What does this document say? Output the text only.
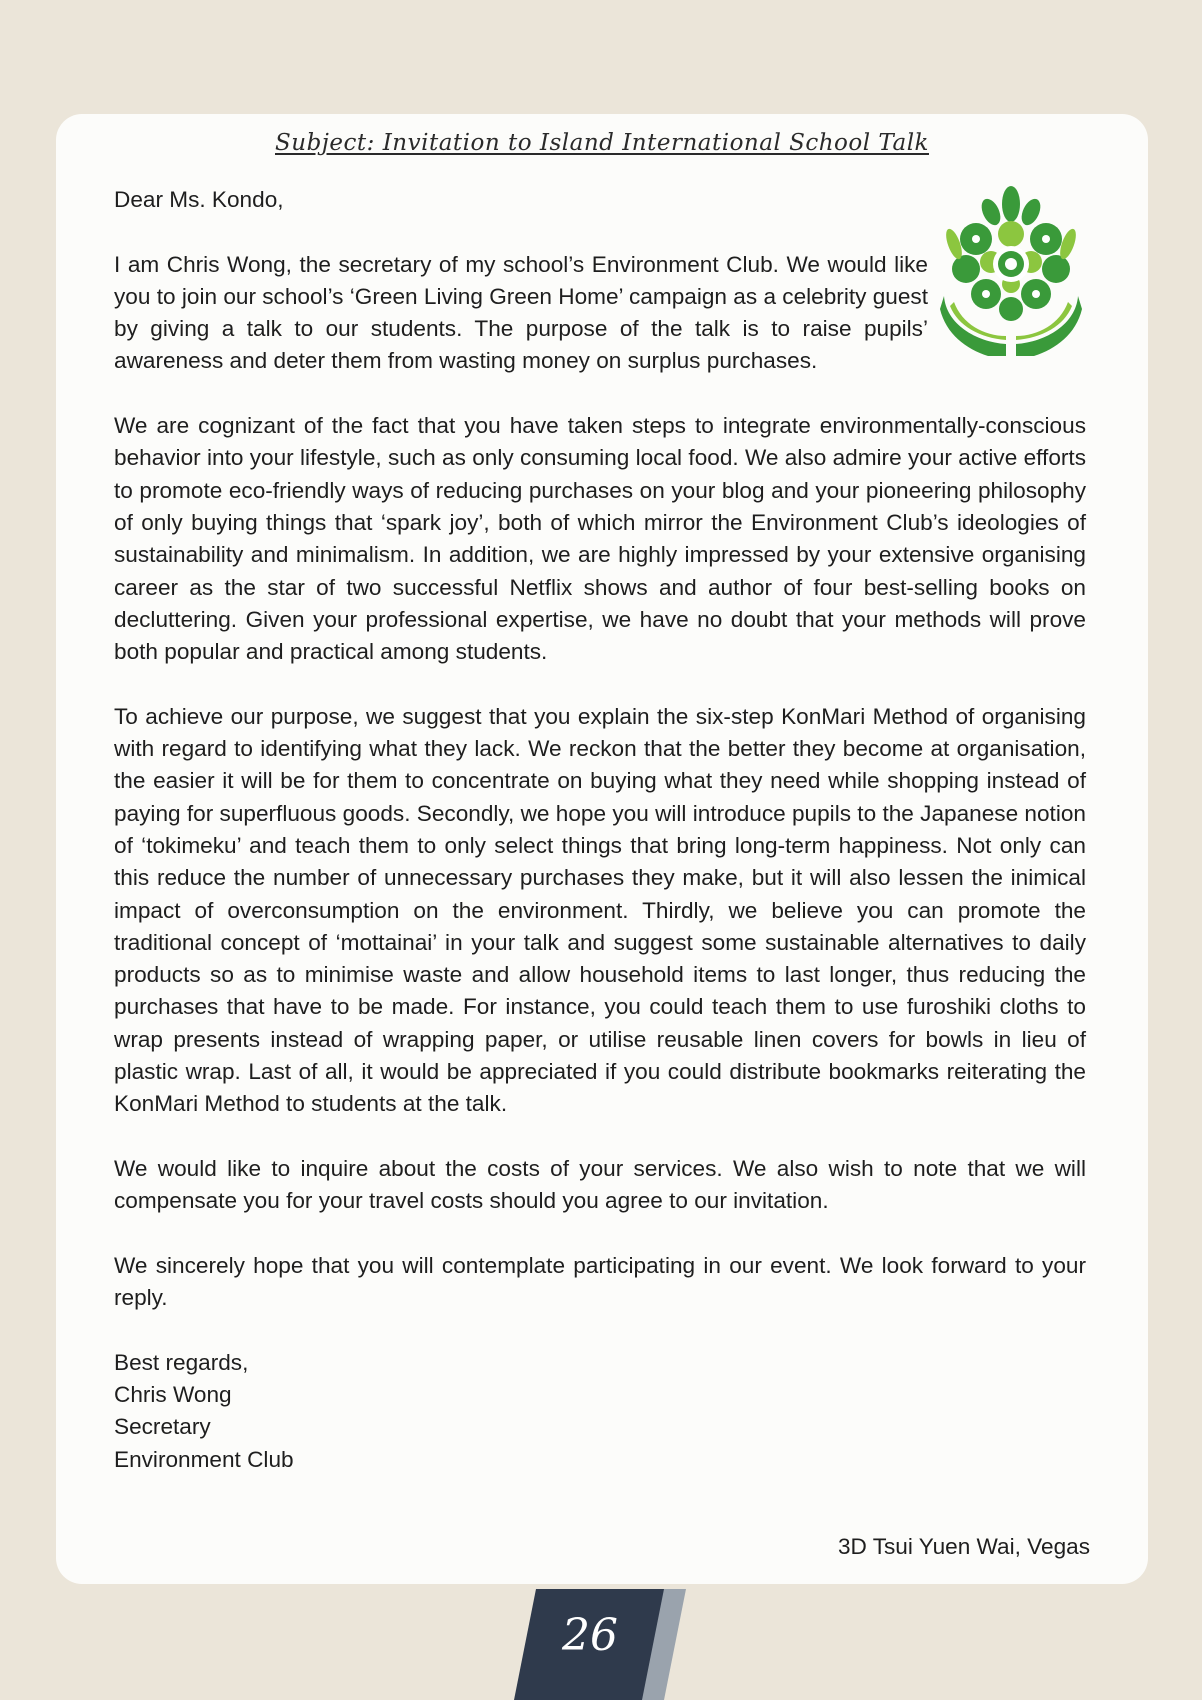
Subject: Invitation to Island International School Talk

Dear Ms. Kondo,

I am Chris Wong, the secretary of my school’s Environment Club. We would like you to join our school’s ‘Green Living Green Home’ campaign as a celebrity guest by giving a talk to our students. The purpose of the talk is to raise pupils’ awareness and deter them from wasting money on surplus purchases.

We are cognizant of the fact that you have taken steps to integrate environmentally-conscious behavior into your lifestyle, such as only consuming local food. We also admire your active efforts to promote eco-friendly ways of reducing purchases on your blog and your pioneering philosophy of only buying things that ‘spark joy’, both of which mirror the Environment Club’s ideologies of sustainability and minimalism. In addition, we are highly impressed by your extensive organising career as the star of two successful Netflix shows and author of four best-selling books on decluttering. Given your professional expertise, we have no doubt that your methods will prove both popular and practical among students.

To achieve our purpose, we suggest that you explain the six-step KonMari Method of organising with regard to identifying what they lack. We reckon that the better they become at organisation, the easier it will be for them to concentrate on buying what they need while shopping instead of paying for superfluous goods. Secondly, we hope you will introduce pupils to the Japanese notion of ‘tokimeku’ and teach them to only select things that bring long-term happiness. Not only can this reduce the number of unnecessary purchases they make, but it will also lessen the inimical impact of overconsumption on the environment. Thirdly, we believe you can promote the traditional concept of ‘mottainai’ in your talk and suggest some sustainable alternatives to daily products so as to minimise waste and allow household items to last longer, thus reducing the purchases that have to be made. For instance, you could teach them to use furoshiki cloths to wrap presents instead of wrapping paper, or utilise reusable linen covers for bowls in lieu of plastic wrap. Last of all, it would be appreciated if you could distribute bookmarks reiterating the KonMari Method to students at the talk.

We would like to inquire about the costs of your services. We also wish to note that we will compensate you for your travel costs should you agree to our invitation.

We sincerely hope that you will contemplate participating in our event. We look forward to your reply.

Best regards,
Chris Wong
Secretary
Environment Club
3D Tsui Yuen Wai, Vegas
26
